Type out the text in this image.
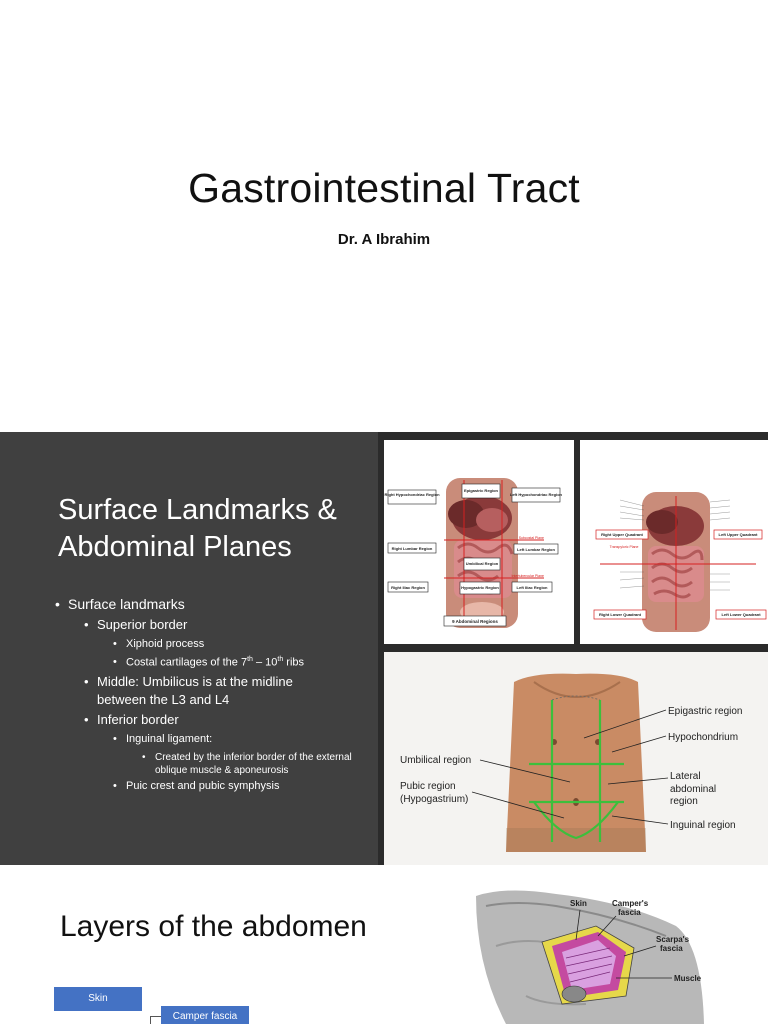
Gastrointestinal Tract
Dr. A Ibrahim
Surface Landmarks &
Abdominal Planes
• Surface landmarks
• Superior border
• Xiphoid process
• Costal cartilages of the 7th – 10th ribs
• Middle: Umbilicus is at the midline between the L3 and L4
• Inferior border
• Inguinal ligament:
• Created by the inferior border of the external oblique muscle & aponeurosis
• Puic crest and pubic symphysis
Right Hypochondriac Region
Epigastric Region
Left Hypochondriac Region
Subcostal Plane
Right Lumbar Region
Umbilical Region
Left Lumbar Region
Intertubercular Plane
Right Iliac Region	Hypogastric Region	Left Iliac Region
9 Abdominal Regions
Right Upper Quadrant	Left Upper Quadrant
Transpyloric Plane
Right Lower Quadrant	Left Lower Quadrant
Epigastric region
Hypochondrium
Umbilical region
Lateral
abdominal
region
Pubic region
(Hypogastrium)
Inguinal region
Layers of the abdomen
Skin
Camper fascia
Skin	Camper's
fascia
Scarpa's
fascia
Muscle
